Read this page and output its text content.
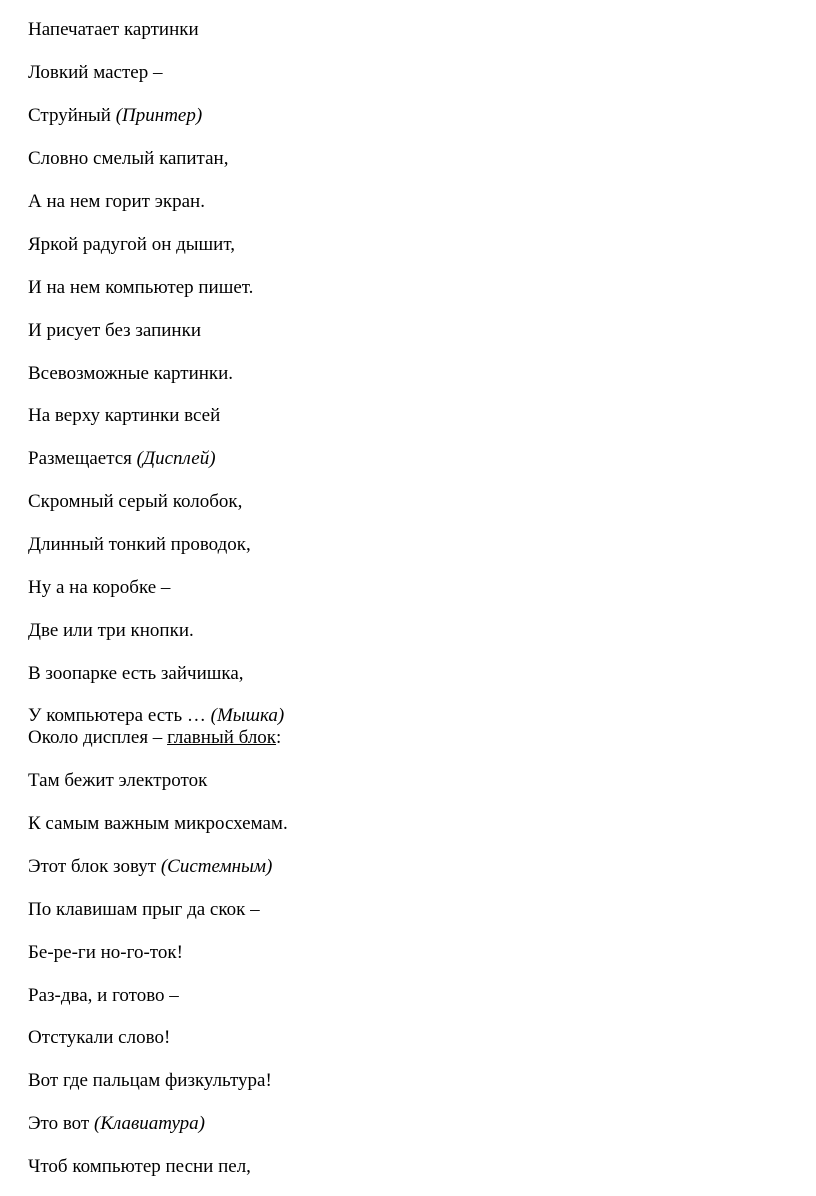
Напечатает картинки

Ловкий мастер –

Струйный (Принтер)

Словно смелый капитан,

А на нем горит экран.

Яркой радугой он дышит,

И на нем компьютер пишет.

И рисует без запинки

Всевозможные картинки.

На верху картинки всей

Размещается (Дисплей)

Скромный серый колобок,

Длинный тонкий проводок,

Ну а на коробке –

Две или три кнопки.

В зоопарке есть зайчишка,

У компьютера есть … (Мышка)

Около дисплея – главный блок:

Там бежит электроток

К самым важным микросхемам.

Этот блок зовут (Системным)

По клавишам прыг да скок –

Бе-ре-ги но-го-ток!

Раз-два, и готово –

Отстукали слово!

Вот где пальцам физкультура!

Это вот (Клавиатура)

Чтоб компьютер песни пел,
